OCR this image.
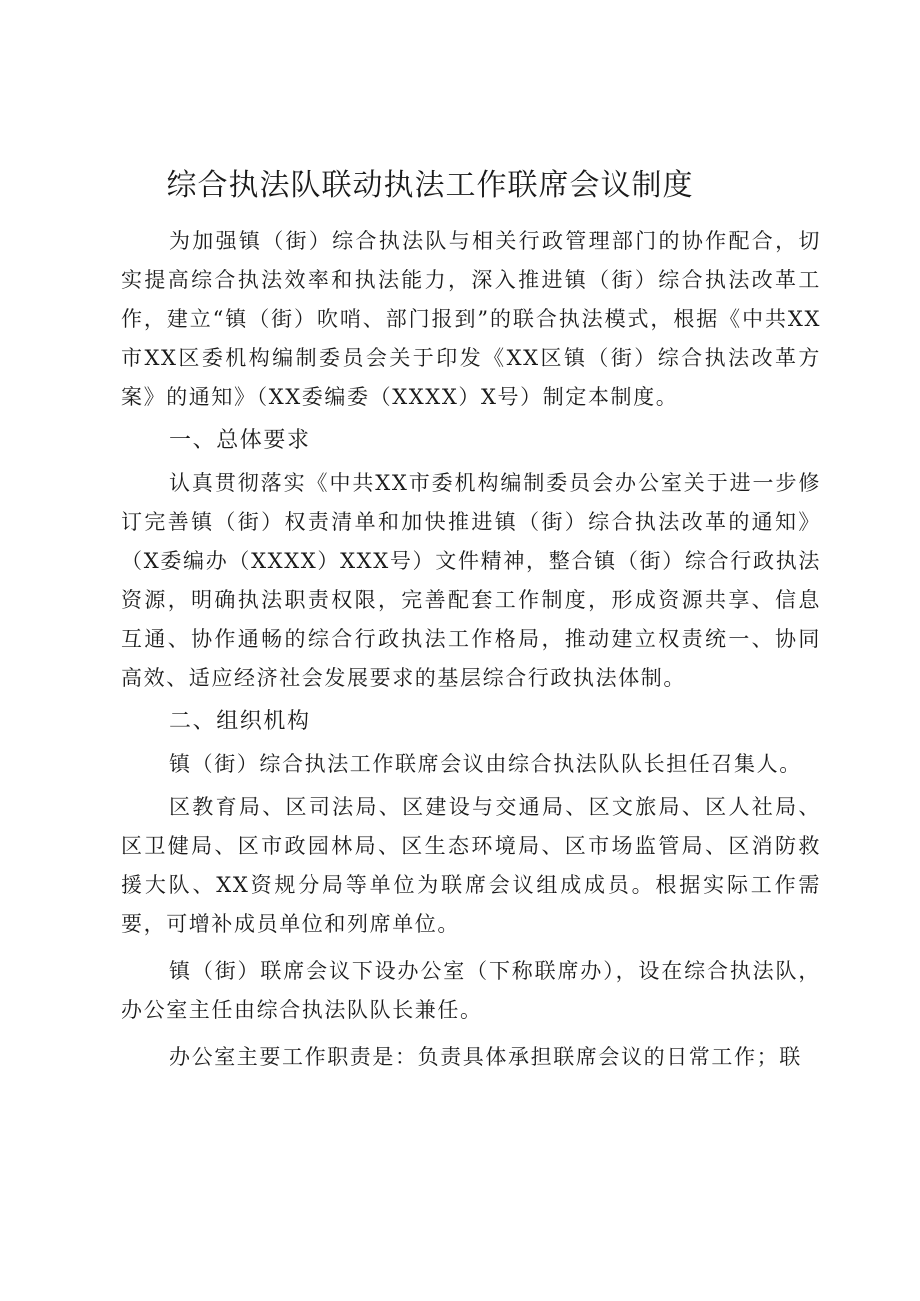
综合执法队联动执法工作联席会议制度

为加强镇（街）综合执法队与相关行政管理部门的协作配合，切实提高综合执法效率和执法能力，深入推进镇（街）综合执法改革工作，建立“镇（街）吹哨、部门报到”的联合执法模式，根据《中共XX市XX区委机构编制委员会关于印发《XX区镇（街）综合执法改革方案》的通知》（XX委编委（XXXX）X号）制定本制度。

一、总体要求

认真贯彻落实《中共XX市委机构编制委员会办公室关于进一步修订完善镇（街）权责清单和加快推进镇（街）综合执法改革的通知》（X委编办（XXXX）XXX号）文件精神，整合镇（街）综合行政执法资源，明确执法职责权限，完善配套工作制度，形成资源共享、信息互通、协作通畅的综合行政执法工作格局，推动建立权责统一、协同高效、适应经济社会发展要求的基层综合行政执法体制。

二、组织机构

镇（街）综合执法工作联席会议由综合执法队队长担任召集人。

区教育局、区司法局、区建设与交通局、区文旅局、区人社局、区卫健局、区市政园林局、区生态环境局、区市场监管局、区消防救援大队、XX资规分局等单位为联席会议组成成员。根据实际工作需要，可增补成员单位和列席单位。

镇（街）联席会议下设办公室（下称联席办），设在综合执法队，办公室主任由综合执法队队长兼任。

办公室主要工作职责是：负责具体承担联席会议的日常工作；联
